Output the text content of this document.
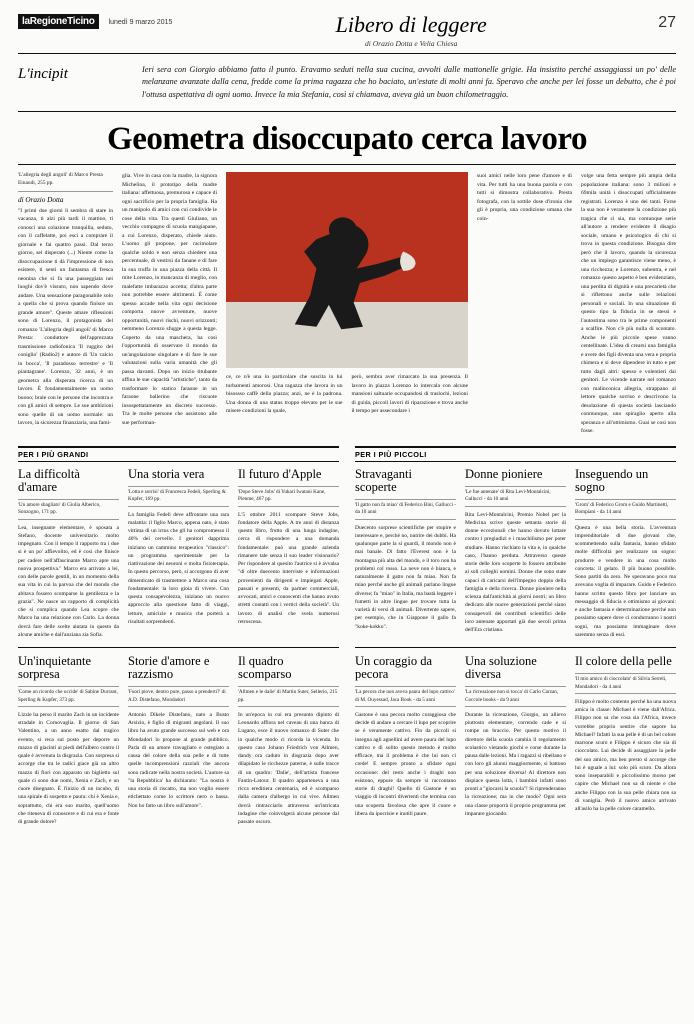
laRegioneTicino	lunedì 9 marzo 2015	Libero di leggere
di Orazio Dotta e Velia Chiesa
27
L'incipit	Ieri sera con Giorgio abbiamo fatto il punto. Eravamo seduti nella sua cucina, avvolti dalle mattonelle grigie. Ha insistito perché assaggiassi un po' delle melanzane avanzate dalla cena, fredde come la prima ragazza che ho baciato, un'estate di molti anni fa. Speravo che anche per lei fosse un debutto, che è poi l'ottusa aspettativa di ogni uomo. Invece la mia Stefania, così si chiamava, aveva già un buon chilometraggio.
Geometra disoccupato cerca lavoro
'L'allegria degli angoli' di Marco Presta Einaudi, 255 pp.
di Orazio Dotta
"I primi due giorni li sembra di stare in vacanza, ti alzi più tardi il mattino, ti conosci una colazione tranquilla, seduto, con il caffelatte, poi esci a comprare il giornale e fai quattro passi. Dal terzo giorno, sei disperato (...) Niente come la disoccupazione ti dà l'impressione di non esistere, ti senti un fantasma di fresca neonina che si fa una passeggiata nei luoghi dov'è vissuto, non sapendo dove andare. Una sensazione paragonabile solo a quella che si prova quando finisce un grande amore". Queste amare riflessioni sono di Lorenzo, il protagonista del romanzo 'L'allegria degli angoli' di Marco Presta: conduttore dell'apprezzata trasmissione radiofonica 'Il ruggito del coniglio' (Radio2) e autore di 'Un calcio in bocca', 'Il paradosso terrestre' e 'Il piantagrane'. Lorenzo, 32 anni, è un geometra alla disperata ricerca di un lavoro. È fondamentalmente un uomo buono; brale con le persone che incontra e con gli amici di sempre. Le sue ambizioni sono quelle di un uomo normale: un lavoro, la sicurezza finanziaria, una fami-
glia. Vive in casa con la madre, la signora Michelina, il prototipo della madre italiana: affettuosa, premurosa e capace di ogni sacrificio per la propria famiglia. Ha un manipolo di amici con cui condivide le cose della vita. Tra questi Giuliano, un vecchio compagno di scuola mangiapane, a cui Lorenzo, disperato, chiede aiuto. L'uomo gli propone, per racimolare qualche soldo e non senza chiedere una percentuale, di vestirsi da fanane e di fare la sua truffa in una piazza della città. Il mite Lorenzo, in mancanza di meglio, con malefatte imbarazzo accetta; d'altra parte non potrebbe essere altrimenti. È come spesso accade nella vita ogni decisione comporta nuove avventure, nuove opportunità, nuovi rischi, nuovi orizzonti; nemmeno Lorenzo sfugge a questa legge. Coperto da una maschera, ha così l'opportunità di osservare il mondo da un'angolazione singolare e di fare le sue valutazioni sulla varia umanità che gli passa davanti. Dopo un inizio titubante affina le sue capacità "artistiche", tanto da trasformare lo statico faraone in un faraone ballerino che riscuote insospettatamente un discreto successo. Tra le molte persone che assistono alle sue performan-
ce, ce n'è una in particolare che suscita in lui turbamenti amorosi. Una ragazza che lavora in un bisossso caffè della piazza; anzi, ne è la padrona. Una donna di una status troppo elevato per le sue misere condizioni la quale,
però, sembra aver rimarcato la sua presenza. Il lavoro in piazza Lorenzo lo intercala con alcune mansioni saltuarie occupandosi di traslochi, lezioni di guida, piccoli lavori di riparazione e trova anche il tempo per assecondare i
suoi amici nelle loro pene d'amore e di vita. Per tutti ha una buona parola e con tutti si dimostra collaborativo. Presta fotografa, con la sottile dose d'ironia che gli è propria, una condizione umana che coin-
volge una fetta sempre più ampia della popolazione italiana: sono 3 milioni e 69mila unità i disoccupati ufficialmente registrati. Lorenzo è uno dei tanti. Forse la sua non è veramente la condizione più tragica che ci sia, ma comunque serie all'autore a rendere evidente il disagio sociale, umano e psicologico di chi si trova in questa condizione. Bisogna dire però che il lavoro, quando la sicurezza che un impiego garantisce viene meno, è una ricchezza; e Lorenzo, subentra, e nel romanzo questo aspetto è ben evidenziato, una perdita di dignità e una precarietà che si riflettono anche sulle relazioni personali e sociali. In una situazione di questo tipo la fiducia in se stessi e l'autostima sono tra le prime componenti a scalfire. Non c'è più nulla di scontato. Anche le più piccole spese vanno centellinate. L'idea di crearsi una famiglia e avere dei figli diventa una vera e propria chimera e si deve dipendere in tutto e per tutto dagli altri: spesso e volentieri dai genitori. Le vicende narrate nel romanzo con malinconica allegria, strappano al lettore qualche sorriso e descrivono la desolazione di questa società lasciando conmunque, uno spiraglio aperto alla speranza e all'ottimismo. Guai se così non fosse.
PER I PIÙ GRANDI
La difficoltà d'amare
'Un amore sbagliato' di Giulia Alberico, Sonzogno, 171 pp.
Lea, insegnante elementare, è sposata a Stefano, docente universitario molto impegnato. Con il tempo il rapporto tra i due si è un po' affievolito, ed è così che finisce per cadere nell'affascinante Marco apre una nuova prospettiva." Marco era arrivato a lei, con delle parole gentili, in un momento della sua vita in cui la parvoa che del mondo che abitava fossero scomparse la gentilezza e la grazia". Ne nasce un rapporto di complicità che si complica quando Lea scopre che Marco ha una relazione con Carlo. La donna dovrà fare delle scelte aiutata in questo da alcune amiche e dall'anziana zia Sofia.
Una storia vera
'Lotta e sorrisi' di Francesca Fedeli, Sperling & Kupfer, 169 pp.
La famiglia Fedeli deve affrontare una rara malattia: il figlio Marco, appena nato, è stato vittima di un ictus che gli ha compromesso il 40% del cervello. I genitori dapprima iniziano un cammino terapeutico "classico": un programma sperimentale per la riattivazione dei neuroni e molta fisioterapia. In questo percorso, però, si accorgono di aver dimenticato di trasmettere a Marco una cosa fondamentale: la loro gioia di vivere. Con questa consapevolezza, iniziano un nuovo approccio alla questione fatto di viaggi, letture, amicizie e musica che porterà a risultati sorprendenti.
Il futuro d'Apple
'Dopo Steve Jobs' di Yukari Iwatani Kane, Pienme, 467 pp.
L'5 ottobre 2011 scompare Steve Jobs, fondatore della Apple. A tre anni di distanza questo libro, frutto di una lunga indagine, cerca di rispondere a una domanda fondamentale: può una grande azienda rimanere tale senza il suo leader visionario? Per rispondere al quesito l'autrice si è avvalsa "di oltre duecento interviste e informazioni provenienti da dirigenti e impiegati Apple, passati e presenti, da partner commerciali, avvocati, amici e conoscenti che hanno avuto stretti contatti con i vertici della società". Un lavoro di analisi che svela numerosi retroscena.
Un'inquietante sorpresa
'Come un ricordo che uccide' di Sabine Durrant, Sperling & Kupfer, 373 pp.
Lizzie ha perso il marito Zach in un incidente stradale in Cornovaglia. Il giorno di San Valentino, a un anno esatto dal tragico evento, si reca sul posto per deporre un mazzo di giacinti ai piedi dell'albero contro il quale è avvenuta la disgrazia. Con sorpresa si accorge che tra le radici giace già un altro mazzo di fiori con apparato un biglietto sul quale ci sono due nomi, Xenia e Zach, e un cuore disegnato. È l'inizio di un incubo, di una spirale di sospetto e paura: chi è Xenia e, soprattutto, chi era suo marito, quell'uomo che riteneva di conoscere e di cui era e fonte di grande dolore?
Storie d'amore e razzismo
'Fuori piove, dentro pure, passo a prenderti?' di A.D. Distefano, Mondadori
Antonio Dikele Distefano, nato a Busto Arsizio, è figlio di migranti angolani. Il suo libro ha avuto grande successo sul web e ora Mondadori lo propone al grande pubblico. Parla di un amore travagliato e ostegiato a causa del colore della sua pelle e di tutte quelle incomprensioni razziali che ancora sono radicate nella nostra società. L'autore sa "la Repubblica' ha dichiarato: "La nostra è una storia di riscatto, ma non voglio essere etichettato come lo scrittore nero o bassa. Non ho fatto un libro sull'amore".
Il quadro scomparso
'Allmen e le dalie' di Martin Suter, Sellerio, 215 pp.
In un'epoca in cui era presunto dipinto di Leonardo affiora nel caveau di una banca di Lugano, esce il nuovo romanzo di Suter che in qualche modo ci ricorda la vicenda. In questo caso Johann Friedrich von Allmen, dandy ora caduto in disgrazia dopo aver dilapidato le ricchezze paterne, è sulle tracce di un quadro: 'Dalie', dell'artista francese Fantin-Latour. Il quadro apparteneva a una ricca ereditiera centenaria, ed è scomparso dalla camera d'albergo in cui vive. Allmen dovrà rintracciarlo attraverso un'intricata indagine che coinvolgerà alcune persone dal passato oscuro.
PER I PIÙ PICCOLI
Stravaganti scoperte
'Il gatto non fa miao' di Federico Bini, Gallucci - da 10 anni
Duecento sorprese scientifiche per stupire e interessare e, perché no, nutrire dei dubbi. Ha qualunque parte la si guardi, il mondo non è mai banale. Di fatto l'Everest non è la montagna più alta del mondo, e il toro non ha problemi col rosso. La neve non è bianca, e naturalmente il gatto non fa miao. Non fa miao perché anche gli animali parlano lingue diverse; fa "miao" in Italia, ma bastà leggere i fumetti in altre lingue per trovare tutta la varietà di versi di animali. Divertente sapere, per esempio, che in Giappone il gallo fa "koke-kokko".
Donne pioniere
'Le fue antenate' di Rita Levi-Montalcini, Gallucci - da 10 anni
Rita Levi-Montalcini, Premio Nobel per la Medicina scrive queste settanta storie di donne eccezionali che hanno dovuto lottare contro i pregiudizi e i maschilismo per poter studiare. Hanno rischiato la vita e, in qualche caso, l'hanno perduta. Attraverso queste storie delle loro scoperte lo fossero attribuite ai soli colleghi uomini. Donne che sono state capaci di caricarsi dell'impegno doppio della famiglia e della ricerca. Donne pioniere nella scienza dall'antichità ai giorni nostri; un libro dedicato alle nuove generazioni perché siano consapevoli dei contributi scientifici delle loro antenate apportati già due secoli prima dell'Era cristiana.
Inseguendo un sogno
'Grom' di Federico Grom e Guido Martinetti, Bompiani - da 14 anni
Questa è una bella storia. L'avventura imprenditoriale di due giovani che, scommettendo sulla fantasia, hanno sfidato molte difficoltà per realizzare un sogno: produrre e vendere in una cosa molto concreta: il gelato. Il più buono possibile. Sono partiti da zero. Ne speravano poco ma avevano voglia di imparare. Guido e Federico hanno scritto questo libro per lanciare un messaggio di fiducia e ottimismo ai giovani: e anche fantasia e determinazione perché non possiamo sapere dove ci condurranno i nostri sogni, ma possiamo immaginare dove saremmo senza di essi.
Un coraggio da pecora
'La pecora che non aveva paura del lupo cattivo' di M. Ouyessad, Jaca Book - da 5 anni
Gastone è una pecora molto coraggiosa che decide di andare a cercare il lupo per scoprire se è veramente cattivo. Fin da piccoli si insegna agli agnellini ad avere paura del lupo cattivo e di solito questo metodo è molto efficace, ma il problema è che lui non ci crede! E sempre pronto a sfidare ogni occasione: del resto anche i draghi non esistono, eppure da sempre si raccontano storie di draghi! Quello di Gastone è un viaggio di incontri divertenti che termina con una scoperta favolosa che apre il cuore e libera da ipocrisie e inutili paure.
Una soluzione diversa
'La ricreazione non si tocca' di Carlo Carzan, Coccole books - da 9 anni
Durante la ricreazione, Giorgio, un allievo piuttosto elementare, correndo cade e si rompe un braccio. Per questo motivo il direttore della scuola cambia il regolamento scolastico vietando giochi e corse durante la pausa dalle lezioni. Ma i ragazzi si ribellano e con loro gli alunni maggiormente, si battono per una soluzione diversa! Al direttore non dispiace questa lotta, i bambini infatti sono pronti a "giocarsi la scuola"! Si riprenderanno la ricreazione; ma in che modo? Ogni sera una classe proporrà il proprio programma per imparare giocando.
Il colore della pelle
'Il mio amico di cioccolato' di Silvia Serreli, Mondadori - da 4 anni
Filippo è molto contento perché ha una nuova amica in classe: Michael è viene dall'Africa. Filippo non sa che cosa sia l'Africa, invece vorrebbe proprio sentire che sapore ha Michael? Infatti la sua pelle è di un bel colore marrone scuro e Filippo è sicuro che sia di cioccolato. Lui decide di assaggiare la pelle del suo amico, ma ben presto si accorge che lui è uguale a lui: solo più scuro. Da allora sono inseparabili e piccolissimo morso per capire che Michael non sa di niente e che anche Filippo con la sua pelle chiara non sa di vaniglia. Però il nuovo amico arrivato all'asilo ha la pelle colore caramello.
